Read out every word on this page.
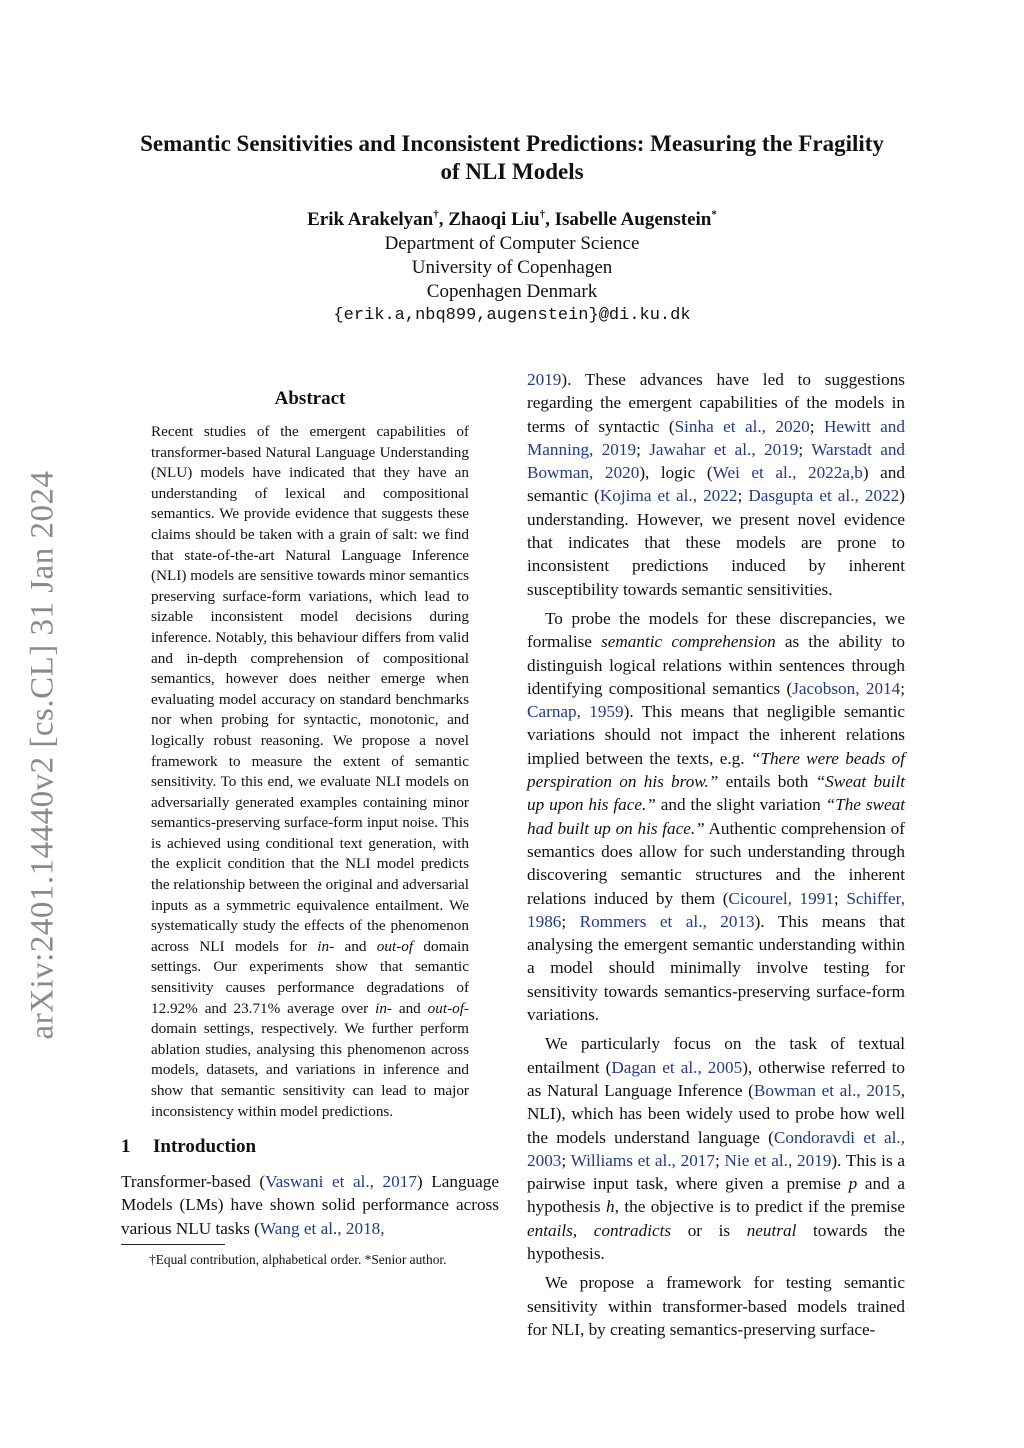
arXiv:2401.14440v2 [cs.CL] 31 Jan 2024
Semantic Sensitivities and Inconsistent Predictions: Measuring the Fragility of NLI Models
Erik Arakelyan†, Zhaoqi Liu†, Isabelle Augenstein*
Department of Computer Science
University of Copenhagen
Copenhagen Denmark
{erik.a,nbq899,augenstein}@di.ku.dk
Abstract

Recent studies of the emergent capabilities of transformer-based Natural Language Understanding (NLU) models have indicated that they have an understanding of lexical and compositional semantics. We provide evidence that suggests these claims should be taken with a grain of salt: we find that state-of-the-art Natural Language Inference (NLI) models are sensitive towards minor semantics preserving surface-form variations, which lead to sizable inconsistent model decisions during inference. Notably, this behaviour differs from valid and in-depth comprehension of compositional semantics, however does neither emerge when evaluating model accuracy on standard benchmarks nor when probing for syntactic, monotonic, and logically robust reasoning. We propose a novel framework to measure the extent of semantic sensitivity. To this end, we evaluate NLI models on adversarially generated examples containing minor semantics-preserving surface-form input noise. This is achieved using conditional text generation, with the explicit condition that the NLI model predicts the relationship between the original and adversarial inputs as a symmetric equivalence entailment. We systematically study the effects of the phenomenon across NLI models for in- and out-of domain settings. Our experiments show that semantic sensitivity causes performance degradations of 12.92% and 23.71% average over in- and out-of- domain settings, respectively. We further perform ablation studies, analysing this phenomenon across models, datasets, and variations in inference and show that semantic sensitivity can lead to major inconsistency within model predictions.

1 Introduction

Transformer-based (Vaswani et al., 2017) Language Models (LMs) have shown solid performance across various NLU tasks (Wang et al., 2018,

†Equal contribution, alphabetical order. *Senior author.

2019). These advances have led to suggestions regarding the emergent capabilities of the models in terms of syntactic (Sinha et al., 2020; Hewitt and Manning, 2019; Jawahar et al., 2019; Warstadt and Bowman, 2020), logic (Wei et al., 2022a,b) and semantic (Kojima et al., 2022; Dasgupta et al., 2022) understanding. However, we present novel evidence that indicates that these models are prone to inconsistent predictions induced by inherent susceptibility towards semantic sensitivities.

To probe the models for these discrepancies, we formalise semantic comprehension as the ability to distinguish logical relations within sentences through identifying compositional semantics (Jacobson, 2014; Carnap, 1959). This means that negligible semantic variations should not impact the inherent relations implied between the texts, e.g. “There were beads of perspiration on his brow.” entails both “Sweat built up upon his face.” and the slight variation “The sweat had built up on his face.” Authentic comprehension of semantics does allow for such understanding through discovering semantic structures and the inherent relations induced by them (Cicourel, 1991; Schiffer, 1986; Rommers et al., 2013). This means that analysing the emergent semantic understanding within a model should minimally involve testing for sensitivity towards semantics-preserving surface-form variations.

We particularly focus on the task of textual entailment (Dagan et al., 2005), otherwise referred to as Natural Language Inference (Bowman et al., 2015, NLI), which has been widely used to probe how well the models understand language (Condoravdi et al., 2003; Williams et al., 2017; Nie et al., 2019). This is a pairwise input task, where given a premise p and a hypothesis h, the objective is to predict if the premise entails, contradicts or is neutral towards the hypothesis.

We propose a framework for testing semantic sensitivity within transformer-based models trained for NLI, by creating semantics-preserving surface-
